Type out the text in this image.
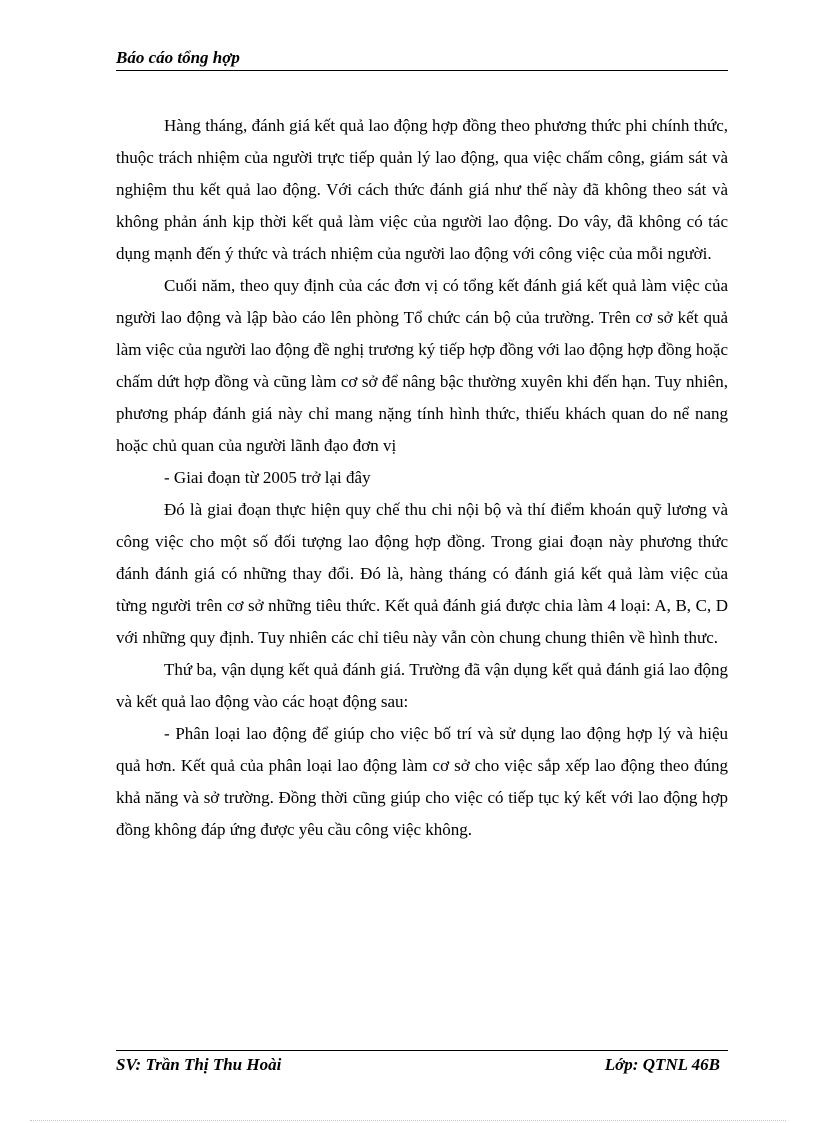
Báo cáo tổng hợp

Hàng tháng, đánh giá kết quả lao động hợp đồng theo phương thức phi chính thức, thuộc trách nhiệm của người trực tiếp quản lý lao động, qua việc chấm công, giám sát và nghiệm thu kết quả lao động. Với cách thức đánh giá như thế này đã không theo sát và không phản ánh kịp thời kết quả làm việc của người lao động. Do vây, đã không có tác dụng mạnh đến ý thức và trách nhiệm của người lao động với công việc của mỗi người.

Cuối năm, theo quy định của các đơn vị có tổng kết đánh giá kết quả làm việc của người lao động và lập bào cáo lên phòng Tổ chức cán bộ của trường. Trên cơ sở kết quả làm việc của người lao động đề nghị trương ký tiếp hợp đồng với lao động hợp đồng hoặc chấm dứt hợp đồng và cũng làm cơ sở để nâng bậc thường xuyên khi đến hạn. Tuy nhiên, phương pháp đánh giá này chỉ mang nặng tính hình thức, thiếu khách quan do nể nang hoặc chủ quan của người lãnh đạo đơn vị

- Giai đoạn từ 2005 trở lại đây

Đó là giai đoạn thực hiện quy chế thu chi nội bộ và thí điểm khoán quỹ lương và công việc cho một số đối tượng lao động hợp đồng. Trong giai đoạn này phương thức đánh đánh giá có những thay đổi. Đó là, hàng tháng có đánh giá kết quả làm việc của từng người trên cơ sở những tiêu thức. Kết quả đánh giá được chia làm 4 loại: A, B, C, D với những quy định. Tuy nhiên các chỉ tiêu này vẫn còn chung chung thiên về hình thưc.

Thứ ba, vận dụng kết quả đánh giá. Trường đã vận dụng kết quả đánh giá lao động và kết quả lao động vào các hoạt động sau:

- Phân loại lao động để giúp cho việc bố trí và sử dụng lao động hợp lý và hiệu quả hơn. Kết quả của phân loại lao động làm cơ sở cho việc sắp xếp lao động theo đúng khả năng và sở trường. Đồng thời cũng giúp cho việc có tiếp tục ký kết với lao động hợp đồng không đáp ứng được yêu cầu công việc không.

SV: Trần Thị Thu Hoài	Lớp: QTNL 46B
